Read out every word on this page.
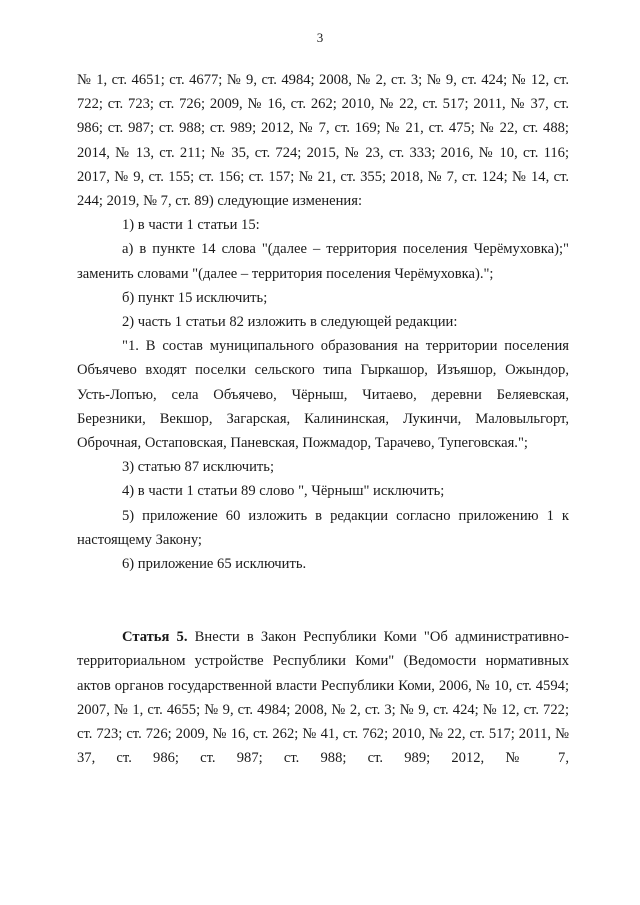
3

№ 1, ст. 4651; ст. 4677; № 9, ст. 4984; 2008, № 2, ст. 3; № 9, ст. 424; № 12, ст. 722; ст. 723; ст. 726; 2009, № 16, ст. 262; 2010, № 22, ст. 517; 2011, № 37, ст. 986; ст. 987; ст. 988; ст. 989; 2012, № 7, ст. 169; № 21, ст. 475; № 22, ст. 488; 2014, № 13, ст. 211; № 35, ст. 724; 2015, № 23, ст. 333; 2016, № 10, ст. 116; 2017, № 9, ст. 155; ст. 156; ст. 157; № 21, ст. 355; 2018, № 7, ст. 124; № 14, ст. 244; 2019, № 7, ст. 89) следующие изменения:

1) в части 1 статьи 15:

а) в пункте 14 слова "(далее – территория поселения Черёмуховка);" заменить словами "(далее – территория поселения Черёмуховка).";

б) пункт 15 исключить;

2) часть 1 статьи 82 изложить в следующей редакции:

"1. В состав муниципального образования на территории поселения Объячево входят поселки сельского типа Гыркашор, Изъяшор, Ожындор, Усть-Лопъю, села Объячево, Чёрныш, Читаево, деревни Беляевская, Березники, Векшор, Загарская, Калининская, Лукинчи, Маловыльгорт, Оброчная, Остаповская, Паневская, Пожмадор, Тарачево, Тупеговская.";

3) статью 87 исключить;

4) в части 1 статьи 89 слово ", Чёрныш" исключить;

5) приложение 60 изложить в редакции согласно приложению 1 к настоящему Закону;

6) приложение 65 исключить.

Статья 5. Внести в Закон Республики Коми "Об административно-территориальном устройстве Республики Коми" (Ведомости нормативных актов органов государственной власти Республики Коми, 2006, № 10, ст. 4594; 2007, № 1, ст. 4655; № 9, ст. 4984; 2008, № 2, ст. 3; № 9, ст. 424; № 12, ст. 722; ст. 723; ст. 726; 2009, № 16, ст. 262; № 41, ст. 762; 2010, № 22, ст. 517; 2011, № 37, ст. 986; ст. 987; ст. 988; ст. 989; 2012, № 7,
